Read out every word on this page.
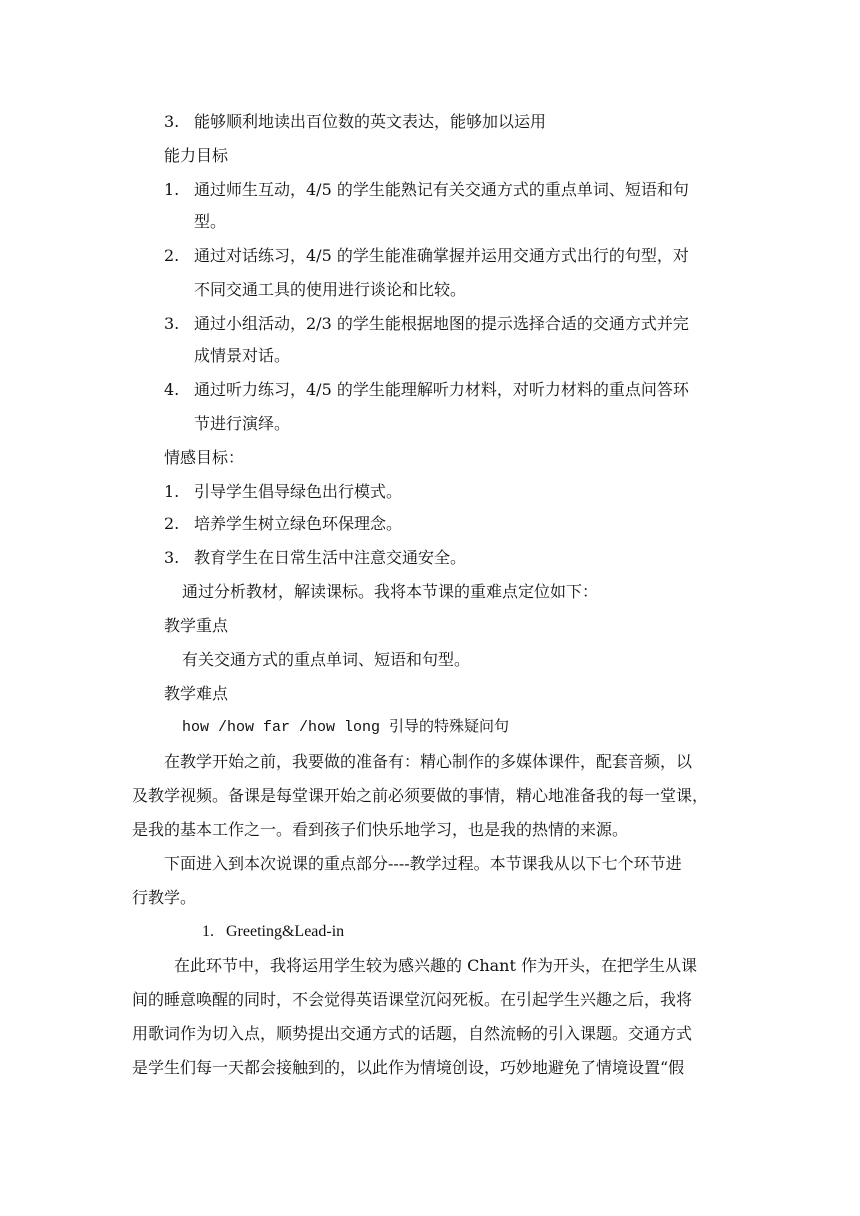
3. 能够顺利地读出百位数的英文表达，能够加以运用
能力目标
1. 通过师生互动，4/5 的学生能熟记有关交通方式的重点单词、短语和句
型。
2. 通过对话练习，4/5 的学生能准确掌握并运用交通方式出行的句型，对
不同交通工具的使用进行谈论和比较。
3. 通过小组活动，2/3 的学生能根据地图的提示选择合适的交通方式并完
成情景对话。
4. 通过听力练习，4/5 的学生能理解听力材料，对听力材料的重点问答环
节进行演绎。
情感目标：
1. 引导学生倡导绿色出行模式。
2. 培养学生树立绿色环保理念。
3. 教育学生在日常生活中注意交通安全。
通过分析教材，解读课标。我将本节课的重难点定位如下：
教学重点
有关交通方式的重点单词、短语和句型。
教学难点
how /how far /how long 引导的特殊疑问句
在教学开始之前，我要做的准备有：精心制作的多媒体课件，配套音频，以
及教学视频。备课是每堂课开始之前必须要做的事情，精心地准备我的每一堂课，
是我的基本工作之一。看到孩子们快乐地学习，也是我的热情的来源。
下面进入到本次说课的重点部分----教学过程。本节课我从以下七个环节进
行教学。
1. Greeting&Lead-in
在此环节中，我将运用学生较为感兴趣的 Chant 作为开头，在把学生从课
间的睡意唤醒的同时，不会觉得英语课堂沉闷死板。在引起学生兴趣之后，我将
用歌词作为切入点，顺势提出交通方式的话题，自然流畅的引入课题。交通方式
是学生们每一天都会接触到的，以此作为情境创设，巧妙地避免了情境设置“假
